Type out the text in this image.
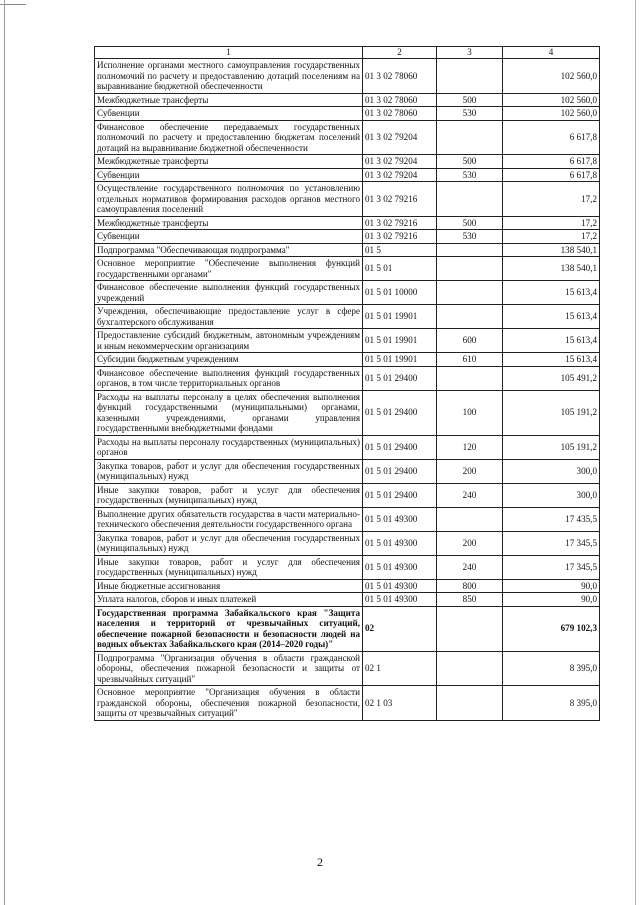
1	2	3	4
Исполнение органами местного самоуправления государственных полномочий по расчету и предоставлению дотаций поселениям на выравнивание бюджетной обеспеченности	01 3 02 78060		102 560,0
Межбюджетные трансферты	01 3 02 78060	500	102 560,0
Субвенции	01 3 02 78060	530	102 560,0
Финансовое обеспечение передаваемых государственных полномочий по расчету и предоставлению бюджетам поселений дотаций на выравнивание бюджетной обеспеченности	01 3 02 79204		6 617,8
Межбюджетные трансферты	01 3 02 79204	500	6 617,8
Субвенции	01 3 02 79204	530	6 617,8
Осуществление государственного полномочия по установлению отдельных нормативов формирования расходов органов местного самоуправления поселений	01 3 02 79216		17,2
Межбюджетные трансферты	01 3 02 79216	500	17,2
Субвенции	01 3 02 79216	530	17,2
Подпрограмма "Обеспечивающая подпрограмма"	01 5		138 540,1
Основное мероприятие "Обеспечение выполнения функций государственными органами"	01 5 01		138 540,1
Финансовое обеспечение выполнения функций государственных учреждений	01 5 01 10000		15 613,4
Учреждения, обеспечивающие предоставление услуг в сфере бухгалтерского обслуживания	01 5 01 19901		15 613,4
Предоставление субсидий бюджетным, автономным учреждениям и иным некоммерческим организациям	01 5 01 19901	600	15 613,4
Субсидии бюджетным учреждениям	01 5 01 19901	610	15 613,4
Финансовое обеспечение выполнения функций государственных органов, в том числе территориальных органов	01 5 01 29400		105 491,2
Расходы на выплаты персоналу в целях обеспечения выполнения функций государственными (муниципальными) органами, казенными учреждениями, органами управления государственными внебюджетными фондами	01 5 01 29400	100	105 191,2
Расходы на выплаты персоналу государственных (муниципальных) органов	01 5 01 29400	120	105 191,2
Закупка товаров, работ и услуг для обеспечения государственных (муниципальных) нужд	01 5 01 29400	200	300,0
Иные закупки товаров, работ и услуг для обеспечения государственных (муниципальных) нужд	01 5 01 29400	240	300,0
Выполнение других обязательств государства в части материально-технического обеспечения деятельности государственного органа	01 5 01 49300		17 435,5
Закупка товаров, работ и услуг для обеспечения государственных (муниципальных) нужд	01 5 01 49300	200	17 345,5
Иные закупки товаров, работ и услуг для обеспечения государственных (муниципальных) нужд	01 5 01 49300	240	17 345,5
Иные бюджетные ассигнования	01 5 01 49300	800	90,0
Уплата налогов, сборов и иных платежей	01 5 01 49300	850	90,0
Государственная программа Забайкальского края "Защита населения и территорий от чрезвычайных ситуаций, обеспечение пожарной безопасности и безопасности людей на водных объектах Забайкальского края (2014–2020 годы)"	02		679 102,3
Подпрограмма "Организация обучения в области гражданской обороны, обеспечения пожарной безопасности и защиты от чрезвычайных ситуаций"	02 1		8 395,0
Основное мероприятие "Организация обучения в области гражданской обороны, обеспечения пожарной безопасности, защиты от чрезвычайных ситуаций"	02 1 03		8 395,0
2
